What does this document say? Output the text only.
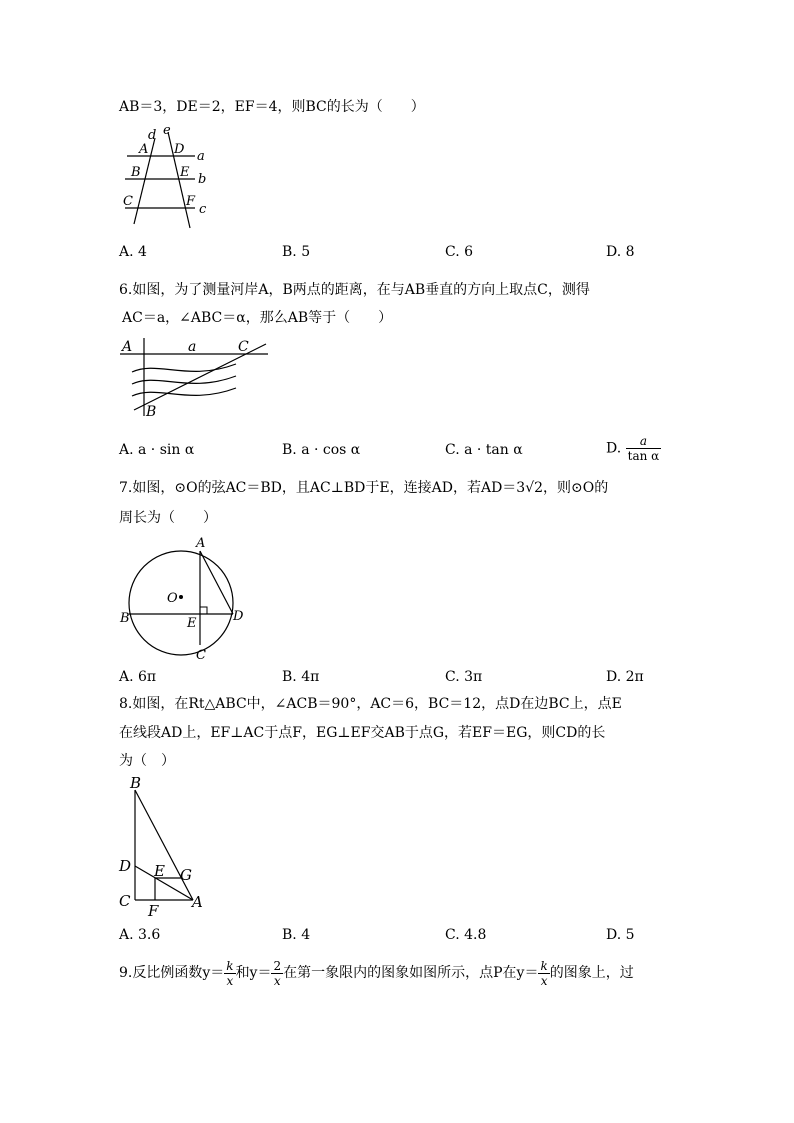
AB＝3，DE＝2，EF＝4，则BC的长为（　　）
d e
A D a
B	E b
C	F
c
A. 4	B. 5	C. 6	D. 8
6.如图，为了测量河岸A，B两点的距离，在与AB垂直的方向上取点C，测得
AC＝a，∠ABC＝α，那么AB等于（　　）
A	a	C
B
A. a · sin α	B. a · cos α	C. a · tan α	D. $\frac{a}{\text{tan α}}$
7.如图，⊙O的弦AC＝BD，且AC⊥BD于E，连接AD，若AD＝3√2，则⊙O的
周长为（　　）
A
O
B	E	D
C
A. 6π	B. 4π	C. 3π	D. 2π
8.如图，在Rt△ABC中，∠ACB＝90°，AC＝6，BC＝12，点D在边BC上，点E
在线段AD上，EF⊥AC于点F，EG⊥EF交AB于点G，若EF＝EG，则CD的长
为（　）
B
D E G
C
F A
A. 3.6	B. 4	C. 4.8	D. 5
9.反比例函数$y= \frac{k}{x}$ 和$y= \frac{2}{x}$ 在第一象限内的图象如图所示，点P在$y= \frac{k}{x}$ 的图象上，过
